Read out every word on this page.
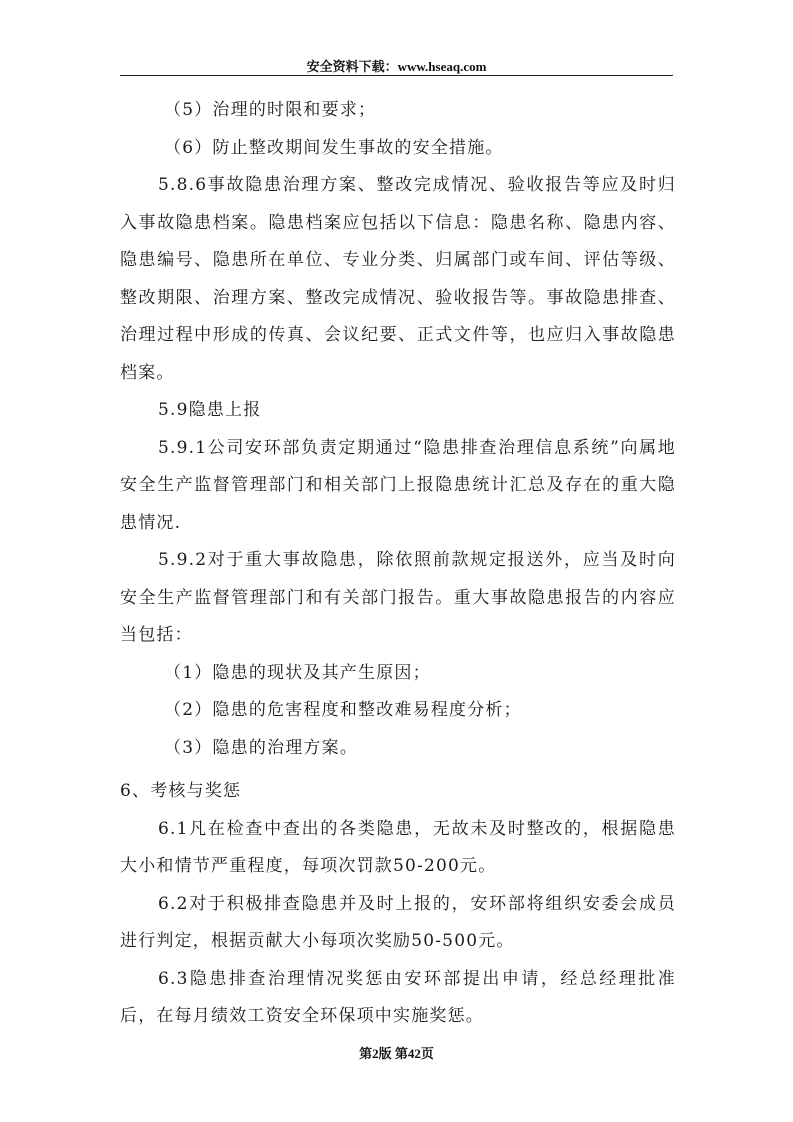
安全资料下载：www.hseaq.com

（5）治理的时限和要求；

（6）防止整改期间发生事故的安全措施。

5.8.6事故隐患治理方案、整改完成情况、验收报告等应及时归入事故隐患档案。隐患档案应包括以下信息：隐患名称、隐患内容、隐患编号、隐患所在单位、专业分类、归属部门或车间、评估等级、整改期限、治理方案、整改完成情况、验收报告等。事故隐患排查、治理过程中形成的传真、会议纪要、正式文件等，也应归入事故隐患档案。

5.9隐患上报

5.9.1公司安环部负责定期通过“隐患排查治理信息系统”向属地安全生产监督管理部门和相关部门上报隐患统计汇总及存在的重大隐患情况.

5.9.2对于重大事故隐患，除依照前款规定报送外，应当及时向安全生产监督管理部门和有关部门报告。重大事故隐患报告的内容应当包括：

（1）隐患的现状及其产生原因；

（2）隐患的危害程度和整改难易程度分析；

（3）隐患的治理方案。

6、考核与奖惩

6.1凡在检查中查出的各类隐患，无故未及时整改的，根据隐患大小和情节严重程度，每项次罚款50-200元。

6.2对于积极排查隐患并及时上报的，安环部将组织安委会成员进行判定，根据贡献大小每项次奖励50-500元。

6.3隐患排查治理情况奖惩由安环部提出申请，经总经理批准后，在每月绩效工资安全环保项中实施奖惩。

第2版 第42页
